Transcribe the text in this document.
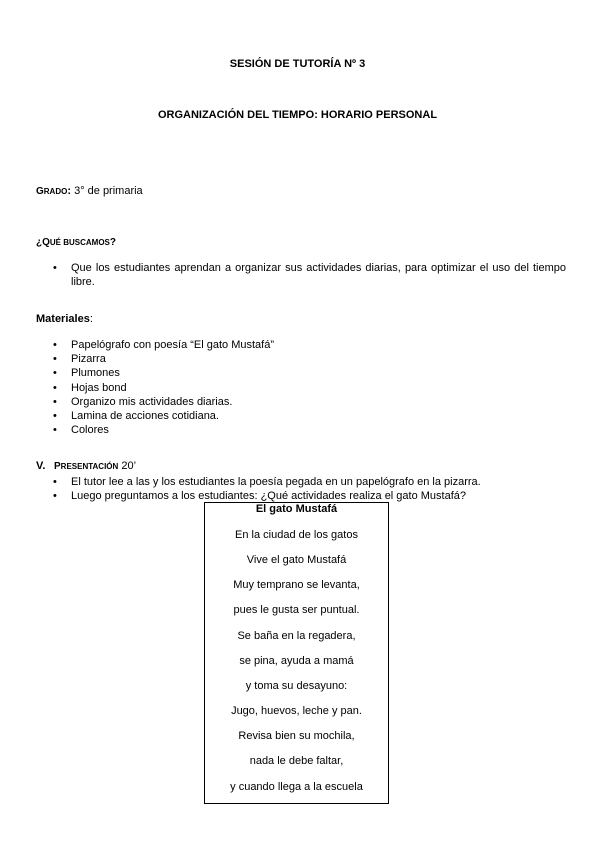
SESIÓN DE TUTORÍA Nº 3
ORGANIZACIÓN DEL TIEMPO: HORARIO PERSONAL
GRADO: 3° de primaria
¿QUÉ BUSCAMOS?
• Que los estudiantes aprendan a organizar sus actividades diarias, para optimizar el uso del tiempo libre.
Materiales:
• Papelógrafo con poesía “El gato Mustafá”
• Pizarra
• Plumones
• Hojas bond
• Organizo mis actividades diarias.
• Lamina de acciones cotidiana.
• Colores
V. PRESENTACIÓN 20’
• El tutor lee a las y los estudiantes la poesía pegada en un papelógrafo en la pizarra.
• Luego preguntamos a los estudiantes: ¿Qué actividades realiza el gato Mustafá?
El gato Mustafá
En la ciudad de los gatos
Vive el gato Mustafá
Muy temprano se levanta,
pues le gusta ser puntual.
Se baña en la regadera,
se pina, ayuda a mamá
y toma su desayuno:
Jugo, huevos, leche y pan.
Revisa bien su mochila,
nada le debe faltar,
y cuando llega a la escuela
